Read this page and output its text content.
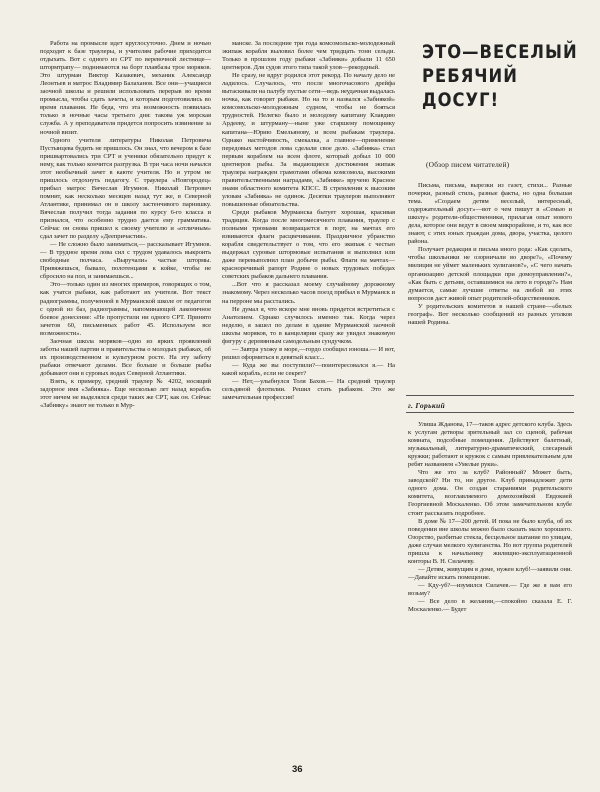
Работа на промысле идет круглосуточно. Днем и ночью подходят к базе траулеры, и учителям рабочие приходится отдыхать. Вот с одного из СРТ по веревочной лестнице— штормтрапу— поднимаются на борт плавбазы трое моряков. Это штурман Виктор Казакевич, механик Александр Леонтьев и матрос Владимир Балаханов. Все они—учащиеся заочной школы и решили использовать перерыв во время промысла, чтобы сдать зачеты, и которым подготовились во время плавания. Не беда, что эта возможность появилась только в ночные часы третьего дня: такова уж морская служба. А у преподавателя придется попросить извинение за ночной визит.

Одного учителя литературы Николая Петровича Пустынцева будить не пришлось. Он знал, что вечером к базе пришвартовались три СРТ и ученики обязательно придут к нему, как только кончится разгрузка. В три часа ночи начался этот необычный зачет в каюте учителя. Но и утром не пришлось отдохнуть педагогу. С траулера «Новгородец» прибыл матрос Вячеслав Игумнов. Николай Петрович помнит, как несколько месяцев назад тут же, в Северной Атлантике, принимал он в школу застенчивого парнишку. Вячеслав получил тогда задания по курсу 6-го класса и признался, что особенно трудно дается ему грамматика. Сейчас он снова пришел к своему учителю и «отличным» сдал зачет по разделу «Деепричастия».

— Не сложно было заниматься,— рассказывает Игумнов.— В трудное время лова сил с трудом удавалось выкроить свободные полчаса. «Выручали» частые штормы. Привяжешься, бывало, полотенцами к койке, чтобы не сбросило на пол, и занимаешься...

Это—только один из многих примеров, говорящих о том, как учатся рыбаки, как работают их учителя. Вот текст радиограммы, полученной в Мурманской школе от педагогов с одной из баз, радиограммы, напоминающей лаконичное боевое донесение: «Не пропустили ни одного СРТ. Принято зачетов 60, письменных работ 45. Используем все возможности».

Заочная школа моряков—одно из ярких проявлений заботы нашей партии и правительства о молодых рыбаках, об их производственном и культурном росте. На эту заботу рыбаки отвечают делами. Все больше и больше рыбы добывают они в суровых водах Северной Атлантики.

Взять, к примеру, средний траулер № 4202, носящий задорное имя «Забияка». Еще несколько лет назад корабль этот ничем не выделялся среди таких же СРТ, как он. Сейчас «Забияку» знают не только в Мур-

манске. За последние три года комсомольско-молодежный экипаж корабля выловил более чем тридцать тонн сельди. Только в прошлом году рыбаки «Забияки» добыли 11 650 центнеров. Для судов этого типа такой улов—рекордный.

Не сразу, не вдруг родился этот рекорд. По началу дело не ладилось. Случалось, что после многочасового дрейфа вытаскивали на палубу пустые сети—ведь неудачная выдалась ночка, как говорят рыбаки. Но на то и назвался «Забиякой» комсомольско-молодежным судном, чтобы не бояться трудностей. Нелегко было и молодому капитану Клавдию Ардееву, и штурману—ныне уже старшему помощнику капитана—Юрию Емельянову, и всем рыбакам траулера. Однако настойчивость, смекалка, а главное—применение передовых методов лова сделали свое дело. «Забияка» стал первым кораблем на всем флоте, который добыл 10 000 центнеров рыбы. За выдающиеся достижения экипаж траулера награжден грамотами обкома комсомола, высокими правительственными наградами, «Забияке» вручено Красное знамя областного комитета КПСС. В стремлении к высоким уловам «Забияка» не одинок. Десятки траулеров выполняют повышенные обязательства.

Среди рыбаков Мурманска бытует хорошая, красивая традиция. Когда после многомесячного плавания, траулер с полными трюмами возвращается в порт, на мачтах его взвиваются флаги расцвечивания. Праздничное убранство корабля свидетельствует о том, что его экипаж с честью выдержал суровые штормовые испытания и выполнил или даже перевыполнил план добычи рыбы. Флаги на мачтах—красноречивый рапорт Родине о новых трудовых победах советских рыбаков дальнего плавания.

...Вот что я рассказал моему случайному дорожному знакомому. Через несколько часов поезд прибыл в Мурманск и на перроне мы расстались.

Не думал я, что вскоре мне вновь придется встретиться с Анатолием. Однако случилось именно так. Когда через неделю, я зашел по делам в здание Мурманской заочной школы моряков, то в канцелярии сразу же увидел знакомую фигуру с деревянным самодельным сундучком.

— Завтра ухожу в море,—гордо сообщил юноша.— И вот, решил оформиться в девятый класс...

— Куда же вы поступили?—поинтересовался я.— На какой корабль, если не секрет?

— Нет,—улыбнулся Толя Бахов.— На средний траулер сельдяной флотилии. Решил стать рыбаком. Это же замечательная профессия!

ЭТО—ВЕСЕЛЫЙ
РЕБЯЧИЙ
ДОСУГ!
(Обзор писем читателей)

Письма, письма, вырезки из газет, стихи... Разные почерки, разный стиль, разные факты, но одна большая тема. «Создаем детям веселый, интересный, содержательный досуг»—вот о чем пишут в «Семью и школу» родители-общественники, прилагая опыт нового дела, которое они ведут в своем микрорайоне, и то, как все знают, с этих юных граждан дома, двора, участка, целого района.

Получает редакция и письма иного рода: «Как сделать, чтобы школьники не озорничали во дворе?», «Почему милиция не уймет маленьких хулиганов?», «С чего начать организацию детской площадки при домоуправлении?», «Как быть с детьми, оставшимися на лето в городе?» Нам думается, самые лучшие ответы на любой из этих вопросов даст живой опыт родителей-общественников.

У родительских комитетов в нашей стране—«белых географ». Вот несколько сообщений из разных уголков нашей Родины.

г. Горький

Улиша Жданова, 17—таков адрес детского клуба. Здесь к услугам детворы зрительный зал со сценой, рабочая комната, подсобные помещения. Действуют балетный, музыкальный, литературно-драматический, слесарный кружки; работают и кружок с самым привлекательным для ребят названием «Умелые руки».

Что же это за клуб? Районный? Может быть, заводской? Ни то, ни другое. Клуб принадлежит дети одного дома. Он создан стараниями родительского комитета, возглавляемого домохозяйкой Евдокией Георгиевной Москаленко. Об этом замечательном клубе стоит рассказать подробнее.

В доме № 17—200 детей. И пока не было клуба, об их поведении вне школы можно было сказать мало хорошего. Озорство, разбитые стекла, бесцельное шатание по улицам, даже случаи мелкого хулиганства. Но вот группа родителей пришла к начальнику жилищно-эксплуатационной конторы В. Н. Силачеву.

— Детям, живущим в доме, нужен клуб!—заявили они.—Давайте искать помещение.

— Кду-уб?—изумился Силачев.— Где же я вам его возьму?

— Все дело в желании,—спокойно сказала Е. Г. Москаленко.— Будет

36
